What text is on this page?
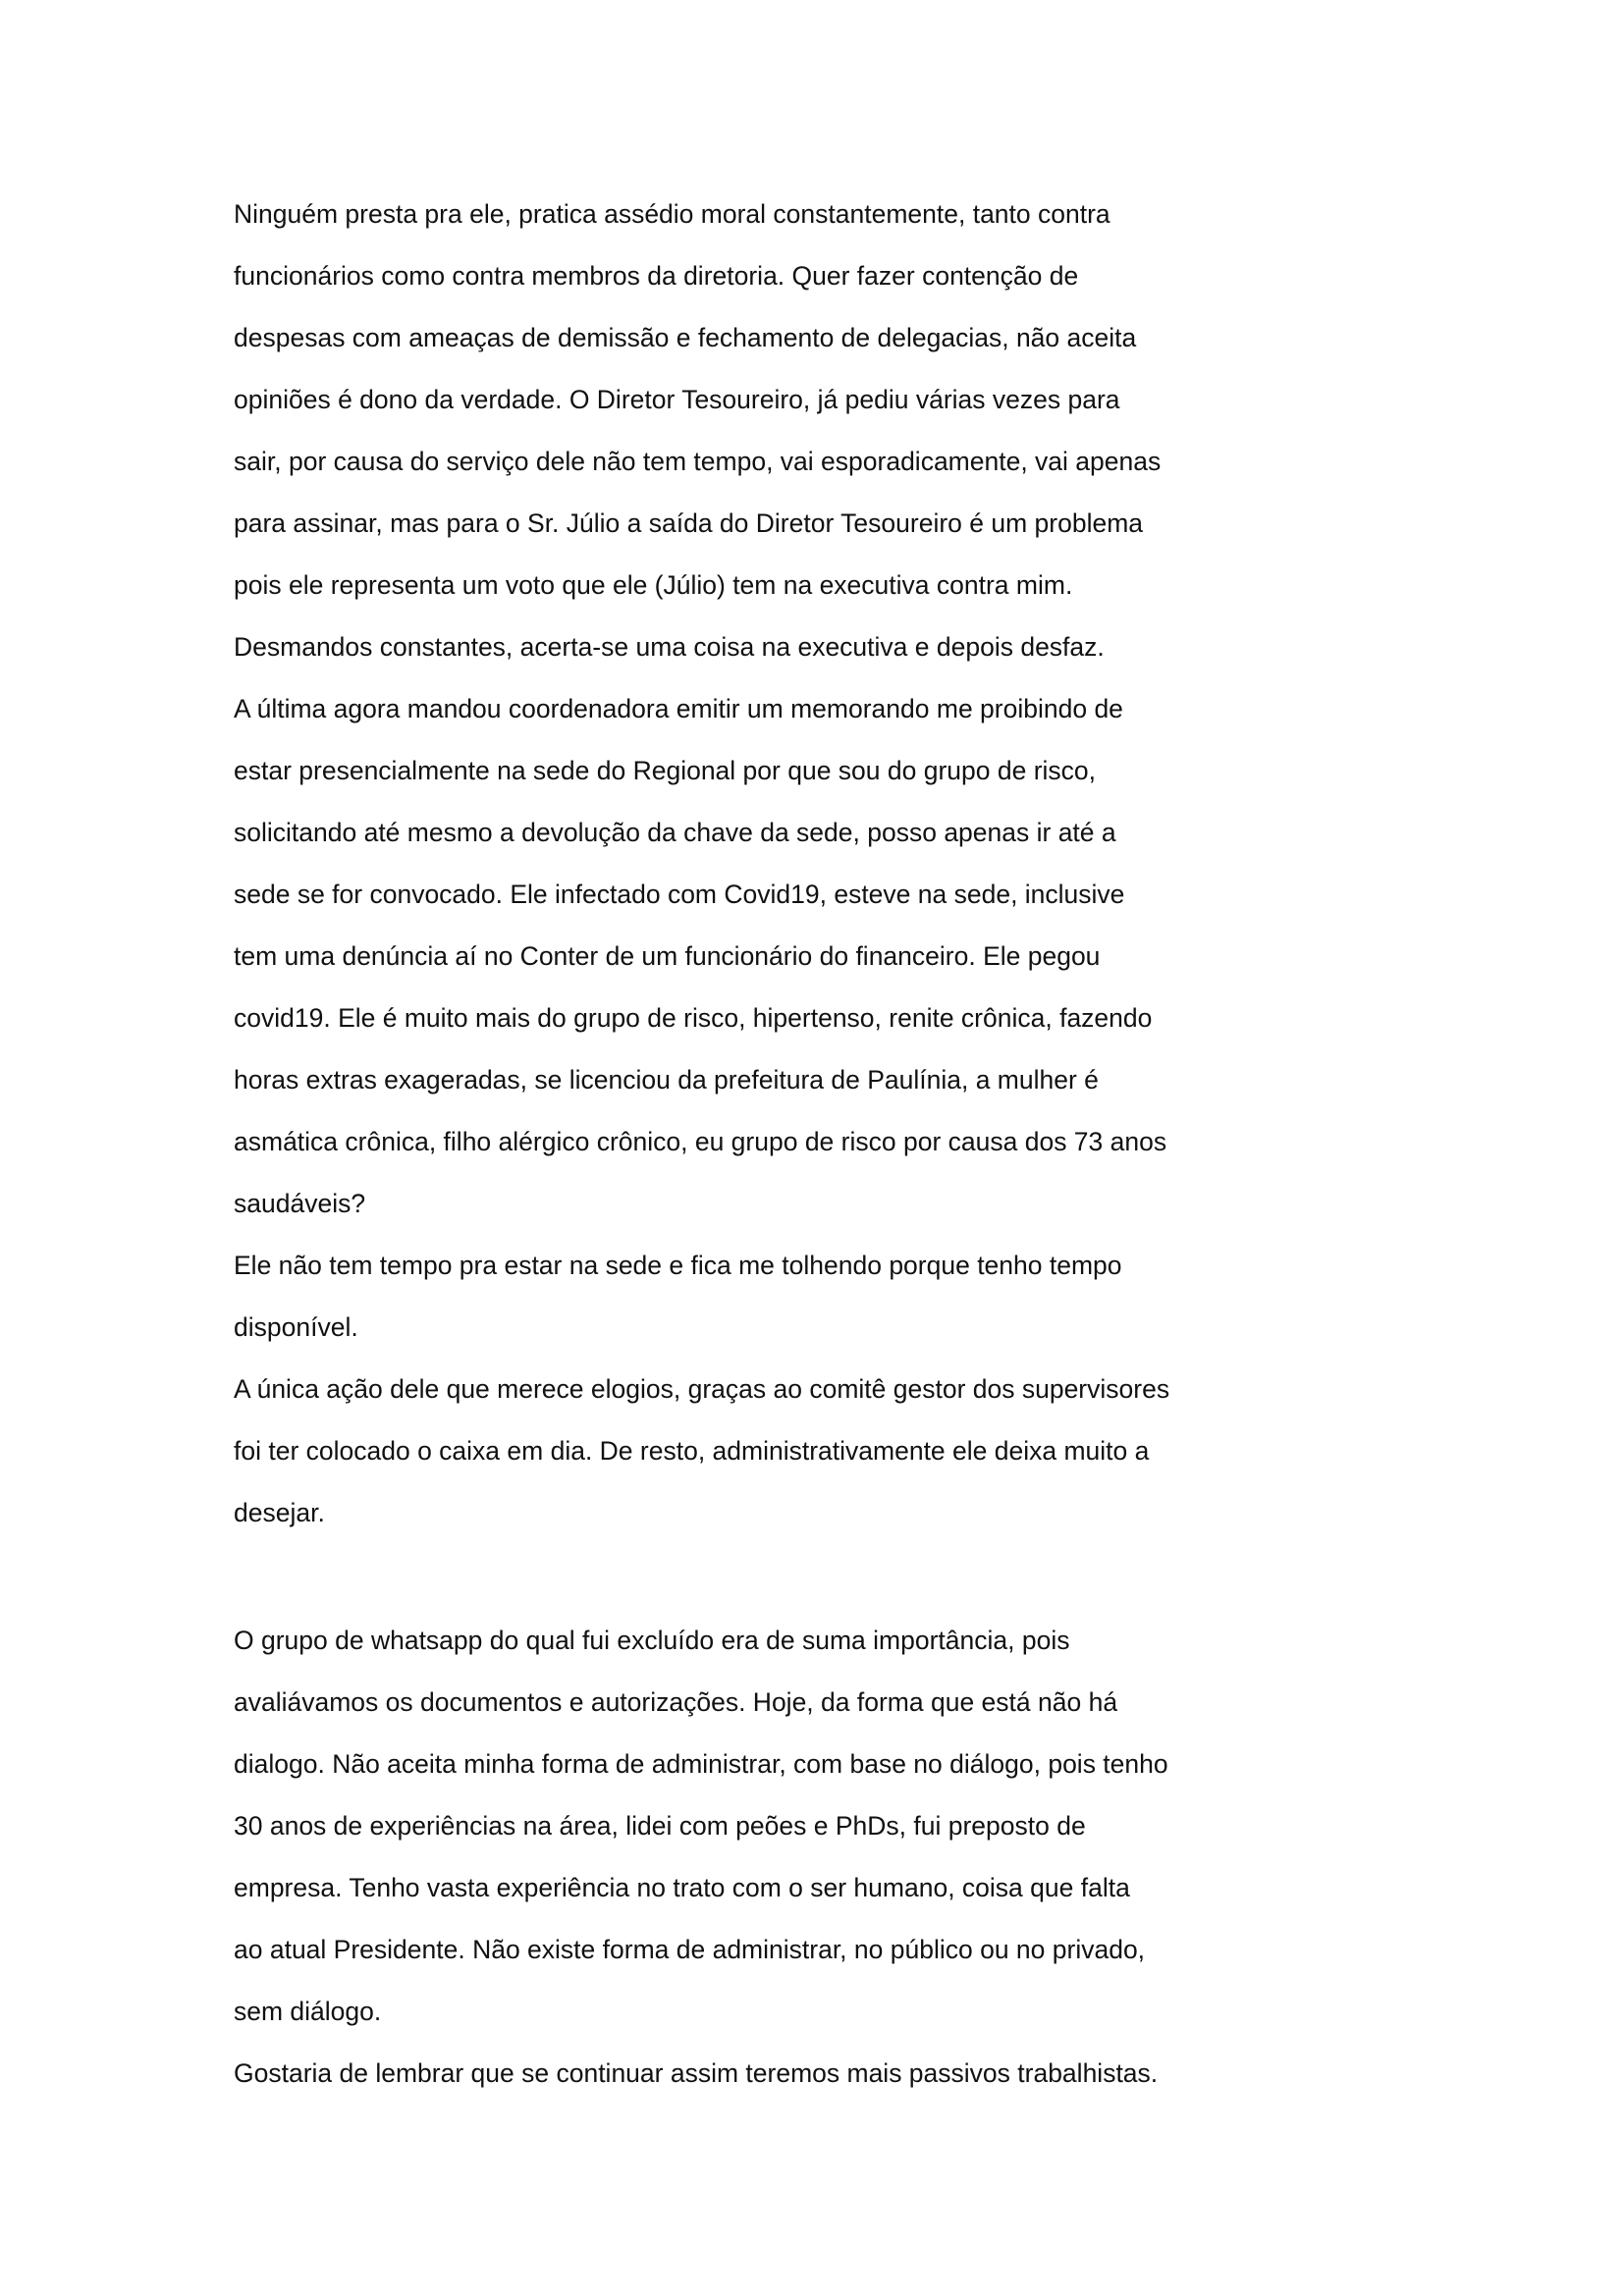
Ninguém presta pra ele, pratica assédio moral constantemente, tanto contra

funcionários como contra membros da diretoria. Quer fazer contenção de

despesas com ameaças de demissão e fechamento de delegacias, não aceita

opiniões é dono da verdade. O Diretor Tesoureiro, já pediu várias vezes para

sair, por causa do serviço dele não tem tempo, vai esporadicamente, vai apenas

para assinar, mas para o Sr. Júlio a saída do Diretor Tesoureiro é um problema

pois ele representa um voto que ele (Júlio) tem na executiva contra mim.

Desmandos constantes, acerta-se uma coisa na executiva e depois desfaz.

A última agora mandou coordenadora emitir um memorando me proibindo de

estar presencialmente na sede do Regional por que sou do grupo de risco,

solicitando até mesmo a devolução da chave da sede, posso apenas ir até a

sede se for convocado. Ele infectado com Covid19, esteve na sede, inclusive

tem uma denúncia aí no Conter de um funcionário do financeiro. Ele pegou

covid19. Ele é muito mais do grupo de risco, hipertenso, renite crônica, fazendo

horas extras exageradas, se licenciou da prefeitura de Paulínia, a mulher é

asmática crônica, filho alérgico crônico, eu grupo de risco por causa dos 73 anos

saudáveis?

Ele não tem tempo pra estar na sede e fica me tolhendo porque tenho tempo

disponível.

A única ação dele que merece elogios, graças ao comitê gestor dos supervisores

foi ter colocado o caixa em dia. De resto, administrativamente ele deixa muito a

desejar.

O grupo de whatsapp do qual fui excluído era de suma importância, pois

avaliávamos os documentos e autorizações. Hoje, da forma que está não há

dialogo. Não aceita minha forma de administrar, com base no diálogo, pois tenho

30 anos de experiências na área, lidei com peões e PhDs, fui preposto de

empresa. Tenho vasta experiência no trato com o ser humano, coisa que falta

ao atual Presidente. Não existe forma de administrar, no público ou no privado,

sem diálogo.

Gostaria de lembrar que se continuar assim teremos mais passivos trabalhistas.
